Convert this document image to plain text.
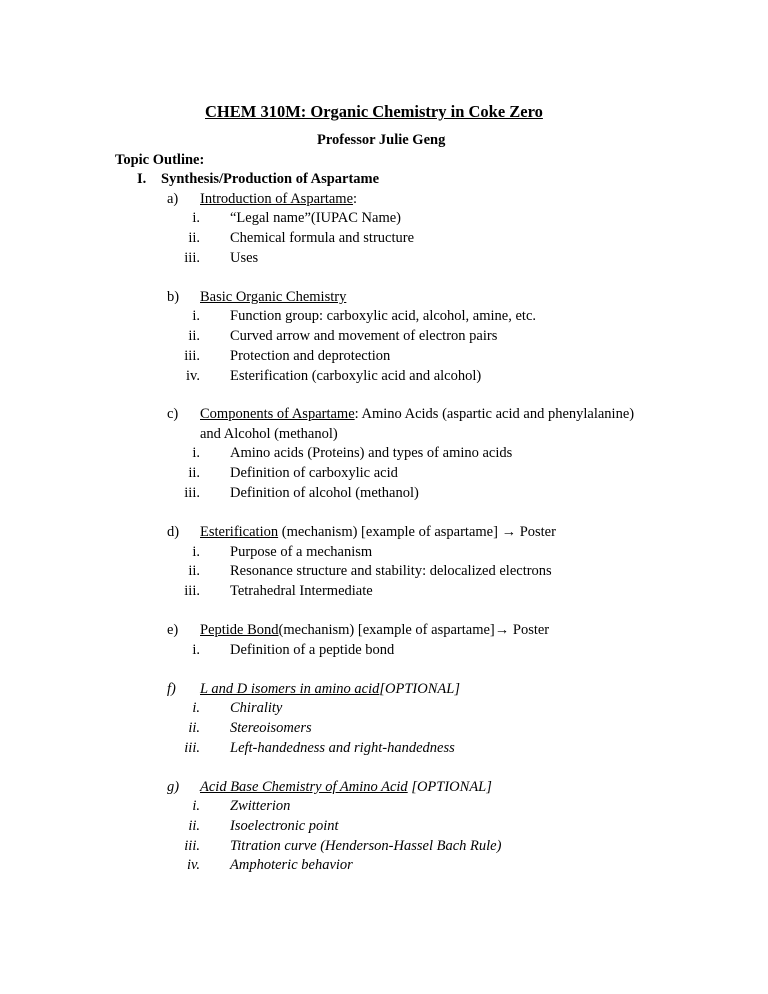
CHEM 310M: Organic Chemistry in Coke Zero
Professor Julie Geng
Topic Outline:
I. Synthesis/Production of Aspartame
a) Introduction of Aspartame:
i. “Legal name”(IUPAC Name)
ii. Chemical formula and structure
iii. Uses
b) Basic Organic Chemistry
i. Function group: carboxylic acid, alcohol, amine, etc.
ii. Curved arrow and movement of electron pairs
iii. Protection and deprotection
iv. Esterification (carboxylic acid and alcohol)
c) Components of Aspartame: Amino Acids (aspartic acid and phenylalanine)
and Alcohol (methanol)
i. Amino acids (Proteins) and types of amino acids
ii. Definition of carboxylic acid
iii. Definition of alcohol (methanol)
d) Esterification (mechanism) [example of aspartame] → Poster
i. Purpose of a mechanism
ii. Resonance structure and stability: delocalized electrons
iii. Tetrahedral Intermediate
e) Peptide Bond(mechanism) [example of aspartame]→ Poster
i. Definition of a peptide bond
f) L and D isomers in amino acid[OPTIONAL]
i. Chirality
ii. Stereoisomers
iii. Left-handedness and right-handedness
g) Acid Base Chemistry of Amino Acid [OPTIONAL]
i. Zwitterion
ii. Isoelectronic point
iii. Titration curve (Henderson-Hassel Bach Rule)
iv. Amphoteric behavior
